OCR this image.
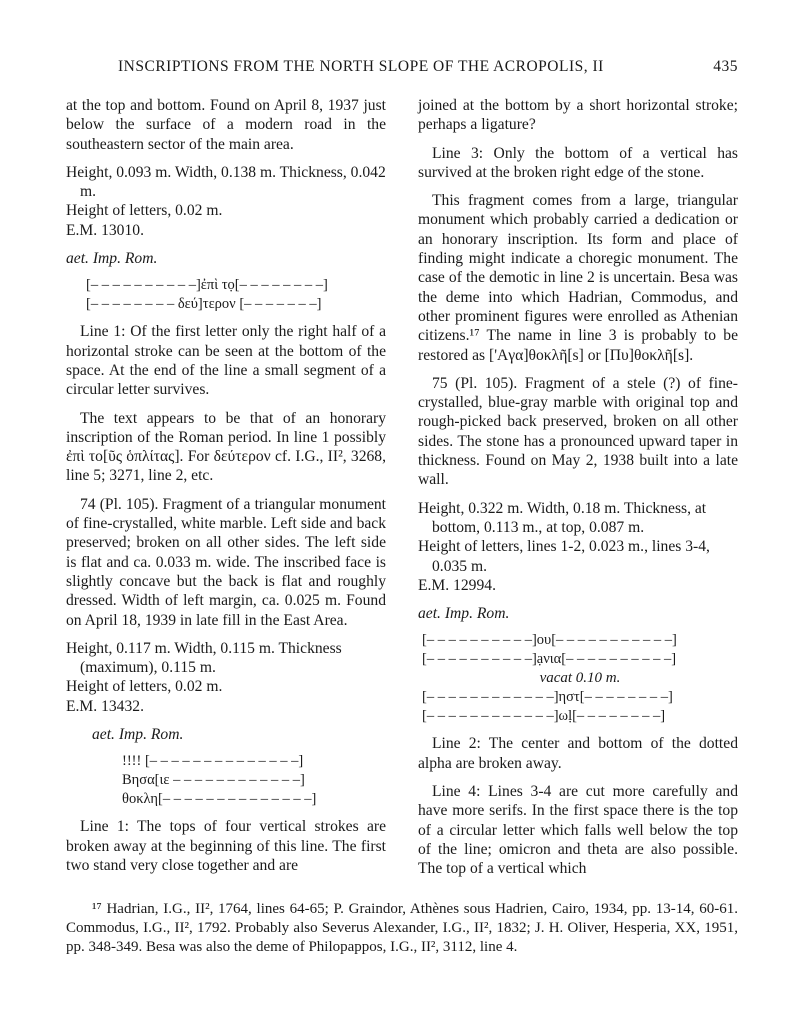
INSCRIPTIONS FROM THE NORTH SLOPE OF THE ACROPOLIS, II	435

at the top and bottom. Found on April 8, 1937 just below the surface of a modern road in the southeastern sector of the main area.

Height, 0.093 m. Width, 0.138 m. Thickness, 0.042 m.

Height of letters, 0.02 m.

E.M. 13010.

aet. Imp. Rom.

[– – – – – – – – – –]ἐπὶ τọ[– – – – – – – –]

[– – – – – – – – δεύ]τερον [– – – – – – –]

Line 1: Of the first letter only the right half of a horizontal stroke can be seen at the bottom of the space. At the end of the line a small segment of a circular letter survives.

The text appears to be that of an honorary inscription of the Roman period. In line 1 possibly ἐπὶ το[ῦς ὁπλίτας]. For δεύτερον cf. I.G., II², 3268, line 5; 3271, line 2, etc.

74 (Pl. 105). Fragment of a triangular monument of fine-crystalled, white marble. Left side and back preserved; broken on all other sides. The left side is flat and ca. 0.033 m. wide. The inscribed face is slightly concave but the back is flat and roughly dressed. Width of left margin, ca. 0.025 m. Found on April 18, 1939 in late fill in the East Area.

Height, 0.117 m. Width, 0.115 m. Thickness (maximum), 0.115 m.

Height of letters, 0.02 m.

E.M. 13432.

aet. Imp. Rom.

!!!! [– – – – – – – – – – – – – –]

Βησα[ιε – – – – – – – – – – – –]

θοκλη[– – – – – – – – – – – – – –]

Line 1: The tops of four vertical strokes are broken away at the beginning of this line. The first two stand very close together and are

joined at the bottom by a short horizontal stroke; perhaps a ligature?

Line 3: Only the bottom of a vertical has survived at the broken right edge of the stone.

This fragment comes from a large, triangular monument which probably carried a dedication or an honorary inscription. Its form and place of finding might indicate a choregic monument. The case of the demotic in line 2 is uncertain. Besa was the deme into which Hadrian, Commodus, and other prominent figures were enrolled as Athenian citizens.¹⁷ The name in line 3 is probably to be restored as ['Aγα]θοκλῆ[s] or [Πυ]θοκλῆ[s].

75 (Pl. 105). Fragment of a stele (?) of fine-crystalled, blue-gray marble with original top and rough-picked back preserved, broken on all other sides. The stone has a pronounced upward taper in thickness. Found on May 2, 1938 built into a late wall.

Height, 0.322 m. Width, 0.18 m. Thickness, at bottom, 0.113 m., at top, 0.087 m.

Height of letters, lines 1-2, 0.023 m., lines 3-4, 0.035 m.

E.M. 12994.

aet. Imp. Rom.

[– – – – – – – – – –]ου[– – – – – – – – – – –]

[– – – – – – – – – –]ạνια[– – – – – – – – – –]

vacat 0.10 m.

[– – – – – – – – – – – –]ηστ[– – – – – – – –]

[– – – – – – – – – – – –]ωḷ[– – – – – – – –]

Line 2: The center and bottom of the dotted alpha are broken away.

Line 4: Lines 3-4 are cut more carefully and have more serifs. In the first space there is the top of a circular letter which falls well below the top of the line; omicron and theta are also possible. The top of a vertical which

¹⁷ Hadrian, I.G., II², 1764, lines 64-65; P. Graindor, Athènes sous Hadrien, Cairo, 1934, pp. 13-14, 60-61. Commodus, I.G., II², 1792. Probably also Severus Alexander, I.G., II², 1832; J. H. Oliver, Hesperia, XX, 1951, pp. 348-349. Besa was also the deme of Philopappos, I.G., II², 3112, line 4.
